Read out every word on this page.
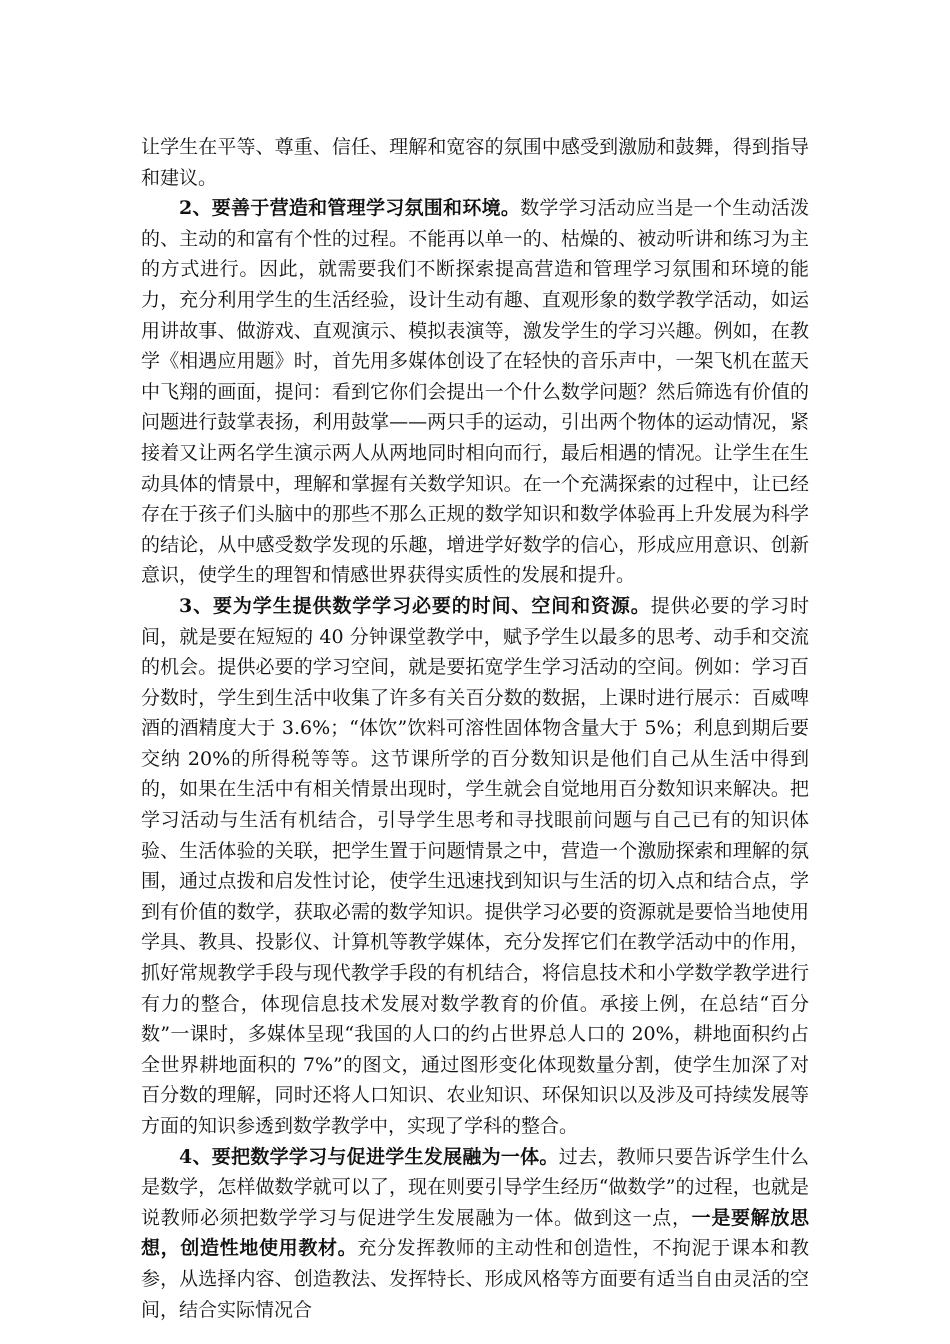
让学生在平等、尊重、信任、理解和宽容的氛围中感受到激励和鼓舞，得到指导和建议。

2、要善于营造和管理学习氛围和环境。数学学习活动应当是一个生动活泼的、主动的和富有个性的过程。不能再以单一的、枯燥的、被动听讲和练习为主的方式进行。因此，就需要我们不断探索提高营造和管理学习氛围和环境的能力，充分利用学生的生活经验，设计生动有趣、直观形象的数学教学活动，如运用讲故事、做游戏、直观演示、模拟表演等，激发学生的学习兴趣。例如，在教学《相遇应用题》时，首先用多媒体创设了在轻快的音乐声中，一架飞机在蓝天中飞翔的画面，提问：看到它你们会提出一个什么数学问题？然后筛选有价值的问题进行鼓掌表扬，利用鼓掌——两只手的运动，引出两个物体的运动情况，紧接着又让两名学生演示两人从两地同时相向而行，最后相遇的情况。让学生在生动具体的情景中，理解和掌握有关数学知识。在一个充满探索的过程中，让已经存在于孩子们头脑中的那些不那么正规的数学知识和数学体验再上升发展为科学的结论，从中感受数学发现的乐趣，增进学好数学的信心，形成应用意识、创新意识，使学生的理智和情感世界获得实质性的发展和提升。

3、要为学生提供数学学习必要的时间、空间和资源。提供必要的学习时间，就是要在短短的 40 分钟课堂教学中，赋予学生以最多的思考、动手和交流的机会。提供必要的学习空间，就是要拓宽学生学习活动的空间。例如：学习百分数时，学生到生活中收集了许多有关百分数的数据，上课时进行展示：百威啤酒的酒精度大于 3.6%；“体饮”饮料可溶性固体物含量大于 5%；利息到期后要交纳 20%的所得税等等。这节课所学的百分数知识是他们自己从生活中得到的，如果在生活中有相关情景出现时，学生就会自觉地用百分数知识来解决。把学习活动与生活有机结合，引导学生思考和寻找眼前问题与自己已有的知识体验、生活体验的关联，把学生置于问题情景之中，营造一个激励探索和理解的氛围，通过点拨和启发性讨论，使学生迅速找到知识与生活的切入点和结合点，学到有价值的数学，获取必需的数学知识。提供学习必要的资源就是要恰当地使用学具、教具、投影仪、计算机等教学媒体，充分发挥它们在教学活动中的作用，抓好常规教学手段与现代教学手段的有机结合，将信息技术和小学数学教学进行有力的整合，体现信息技术发展对数学教育的价值。承接上例，在总结“百分数”一课时，多媒体呈现“我国的人口的约占世界总人口的 20%，耕地面积约占全世界耕地面积的 7%”的图文，通过图形变化体现数量分割，使学生加深了对百分数的理解，同时还将人口知识、农业知识、环保知识以及涉及可持续发展等方面的知识参透到数学教学中，实现了学科的整合。

4、要把数学学习与促进学生发展融为一体。过去，教师只要告诉学生什么是数学，怎样做数学就可以了，现在则要引导学生经历“做数学”的过程，也就是说教师必须把数学学习与促进学生发展融为一体。做到这一点，一是要解放思想，创造性地使用教材。充分发挥教师的主动性和创造性，不拘泥于课本和教参，从选择内容、创造教法、发挥特长、形成风格等方面要有适当自由灵活的空间，结合实际情况合
